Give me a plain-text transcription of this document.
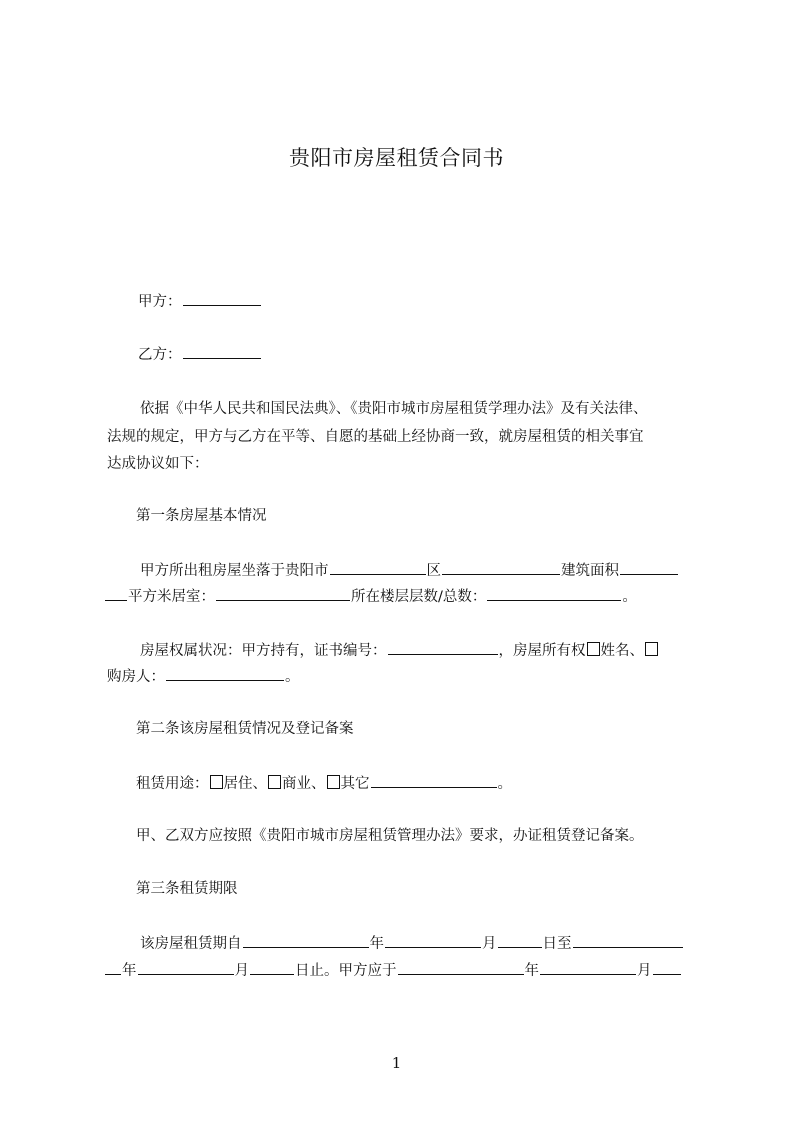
贵阳市房屋租赁合同书

甲方：

乙方：

依据《中华人民共和国民法典》、《贵阳市城市房屋租赁学理办法》及有关法律、

法规的规定，甲方与乙方在平等、自愿的基础上经协商一致，就房屋租赁的相关事宜

达成协议如下：

第一条房屋基本情况

甲方所出租房屋坐落于贵阳市	区	建筑面积

平方米居室：	所在楼层层数/总数：	。

房屋权属状况：甲方持有，证书编号：	，房屋所有权 姓名、

购房人：	。

第二条该房屋租赁情况及登记备案

租赁用途： 居住、 商业、 其它	。

甲、乙双方应按照《贵阳市城市房屋租赁管理办法》要求，办证租赁登记备案。

第三条租赁期限

该房屋租赁期自	年	月	日至

年	月	日止。甲方应于	年	月

1
